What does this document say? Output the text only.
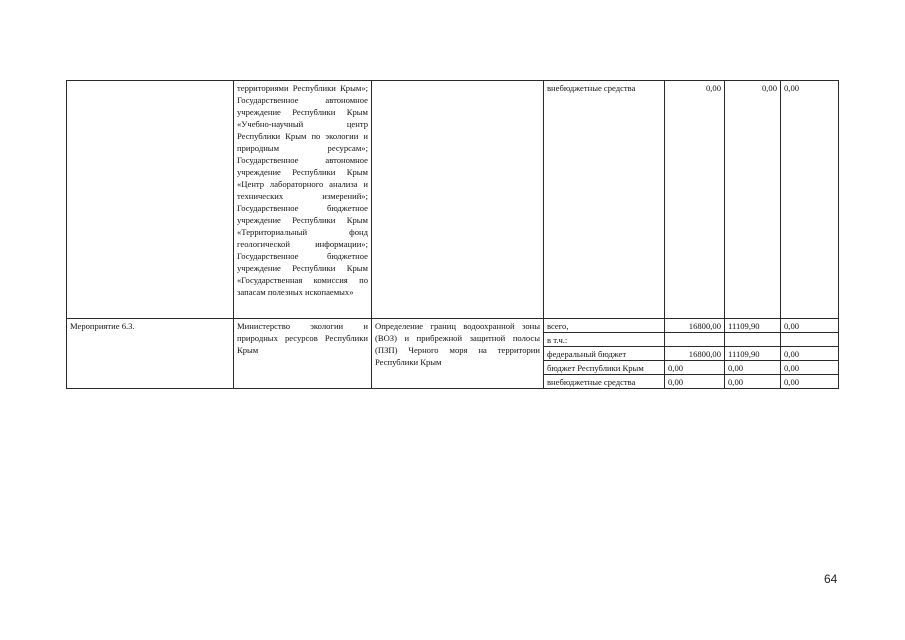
	территориями Республики Крым»; Государственное автономное учреждение Республики Крым «Учебно-научный центр Республики Крым по экологии и природным ресурсам»; Государственное автономное учреждение Республики Крым «Центр лабораторного анализа и технических измерений»; Государственное бюджетное учреждение Республики Крым «Территориальный фонд геологической информации»; Государственное бюджетное учреждение Республики Крым «Государственная комиссия по запасам полезных ископаемых»		внебюджетные средства	0,00	0,00	0,00
Мероприятие 6.3.	Министерство экологии и природных ресурсов Республики Крым	Определение границ водоохранной зоны (ВОЗ) и прибрежной защитной полосы (ПЗП) Черного моря на территории Республики Крым	всего,	16800,00	11109,90	0,00
			в т.ч.:			
			федеральный бюджет	16800,00	11109,90	0,00
			бюджет Республики Крым	0,00	0,00	0,00
			внебюджетные средства	0,00	0,00	0,00
64
